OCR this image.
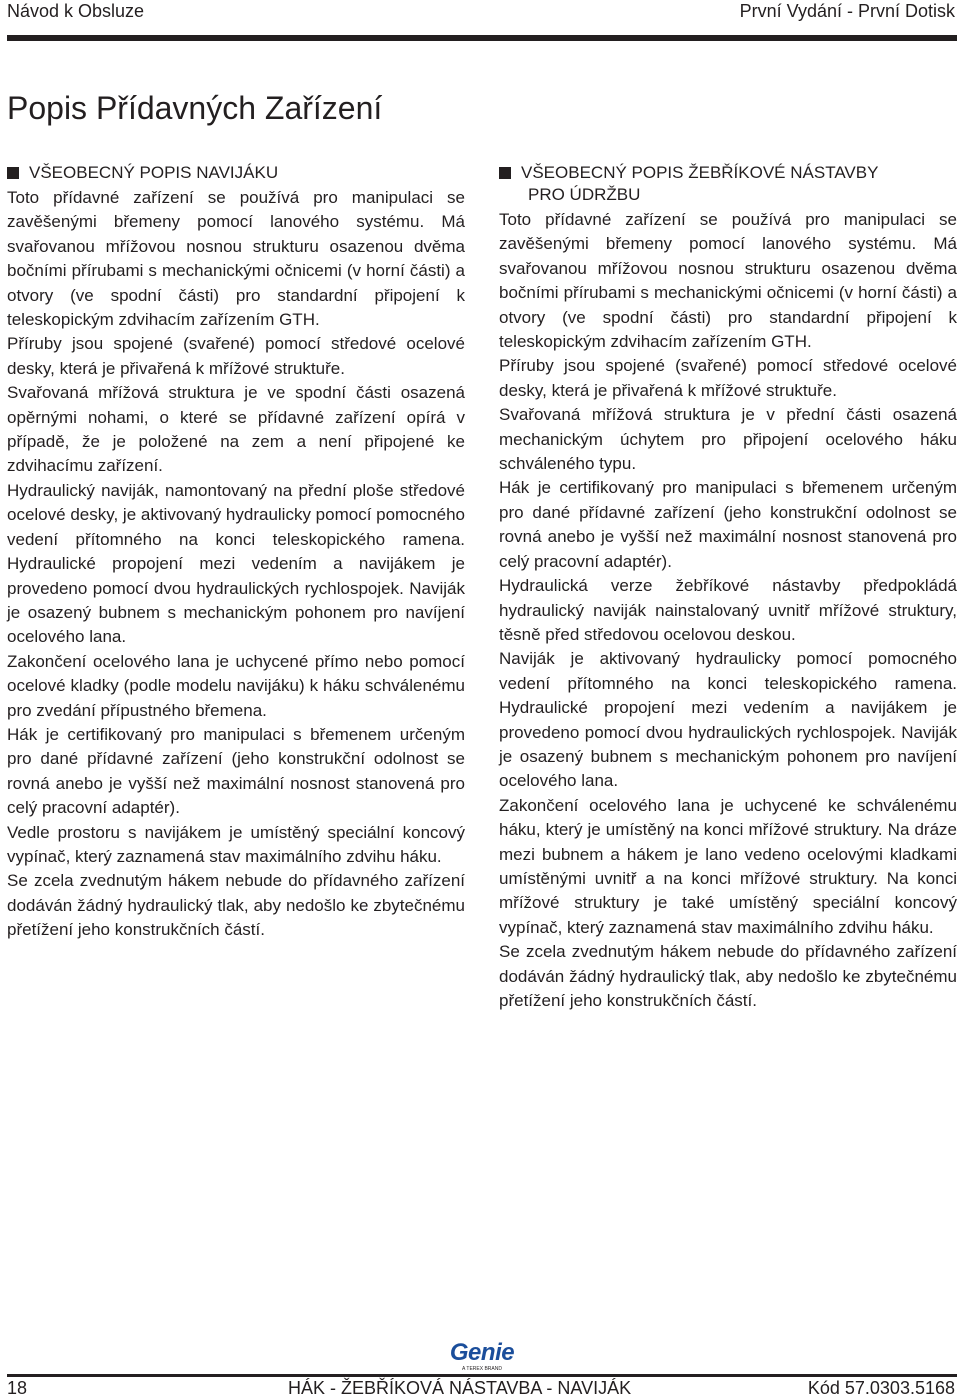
Návod k Obsluze	První Vydání - První Dotisk
Popis Přídavných Zařízení
VŠEOBECNÝ POPIS NAVIJÁKU

Toto přídavné zařízení se používá pro manipulaci se zavěšenými břemeny pomocí lanového systému. Má svařovanou mřížovou nosnou strukturu osazenou dvěma bočními přírubami s mechanickými očnicemi (v horní části) a otvory (ve spodní části) pro standardní připojení k teleskopickým zdvihacím zařízením GTH.

Příruby jsou spojené (svařené) pomocí středové ocelové desky, která je přivařená k mřížové struktuře.

Svařovaná mřížová struktura je ve spodní části osazená opěrnými nohami, o které se přídavné zařízení opírá v případě, že je položené na zem a není připojené ke zdvihacímu zařízení.

Hydraulický naviják, namontovaný na přední ploše středové ocelové desky, je aktivovaný hydraulicky pomocí pomocného vedení přítomného na konci teleskopického ramena. Hydraulické propojení mezi vedením a navijákem je provedeno pomocí dvou hydraulických rychlospojek. Naviják je osazený bubnem s mechanickým pohonem pro navíjení ocelového lana.

Zakončení ocelového lana je uchycené přímo nebo pomocí ocelové kladky (podle modelu navijáku) k háku schválenému pro zvedání přípustného břemena.

Hák je certifikovaný pro manipulaci s břemenem určeným pro dané přídavné zařízení (jeho konstrukční odolnost se rovná anebo je vyšší než maximální nosnost stanovená pro celý pracovní adaptér).

Vedle prostoru s navijákem je umístěný speciální koncový vypínač, který zaznamená stav maximálního zdvihu háku.

Se zcela zvednutým hákem nebude do přídavného zařízení dodáván žádný hydraulický tlak, aby nedošlo ke zbytečnému přetížení jeho konstrukčních částí.

VŠEOBECNÝ POPIS ŽEBŘÍKOVÉ NÁSTAVBY
PRO ÚDRŽBU

Toto přídavné zařízení se používá pro manipulaci se zavěšenými břemeny pomocí lanového systému. Má svařovanou mřížovou nosnou strukturu osazenou dvěma bočními přírubami s mechanickými očnicemi (v horní části) a otvory (ve spodní části) pro standardní připojení k teleskopickým zdvihacím zařízením GTH.

Příruby jsou spojené (svařené) pomocí středové ocelové desky, která je přivařená k mřížové struktuře.

Svařovaná mřížová struktura je v přední části osazená mechanickým úchytem pro připojení ocelového háku schváleného typu.

Hák je certifikovaný pro manipulaci s břemenem určeným pro dané přídavné zařízení (jeho konstrukční odolnost se rovná anebo je vyšší než maximální nosnost stanovená pro celý pracovní adaptér).

Hydraulická verze žebříkové nástavby předpokládá hydraulický naviják nainstalovaný uvnitř mřížové struktury, těsně před středovou ocelovou deskou.

Naviják je aktivovaný hydraulicky pomocí pomocného vedení přítomného na konci teleskopického ramena. Hydraulické propojení mezi vedením a navijákem je provedeno pomocí dvou hydraulických rychlospojek. Naviják je osazený bubnem s mechanickým pohonem pro navíjení ocelového lana.

Zakončení ocelového lana je uchycené ke schválenému háku, který je umístěný na konci mřížové struktury. Na dráze mezi bubnem a hákem je lano vedeno ocelovými kladkami umístěnými uvnitř a na konci mřížové struktury. Na konci mřížové struktury je také umístěný speciální koncový vypínač, který zaznamená stav maximálního zdvihu háku.

Se zcela zvednutým hákem nebude do přídavného zařízení dodáván žádný hydraulický tlak, aby nedošlo ke zbytečnému přetížení jeho konstrukčních částí.

Genie
A TEREX BRAND
18	HÁK - ŽEBŘÍKOVÁ NÁSTAVBA - NAVIJÁK	Kód 57.0303.5168
